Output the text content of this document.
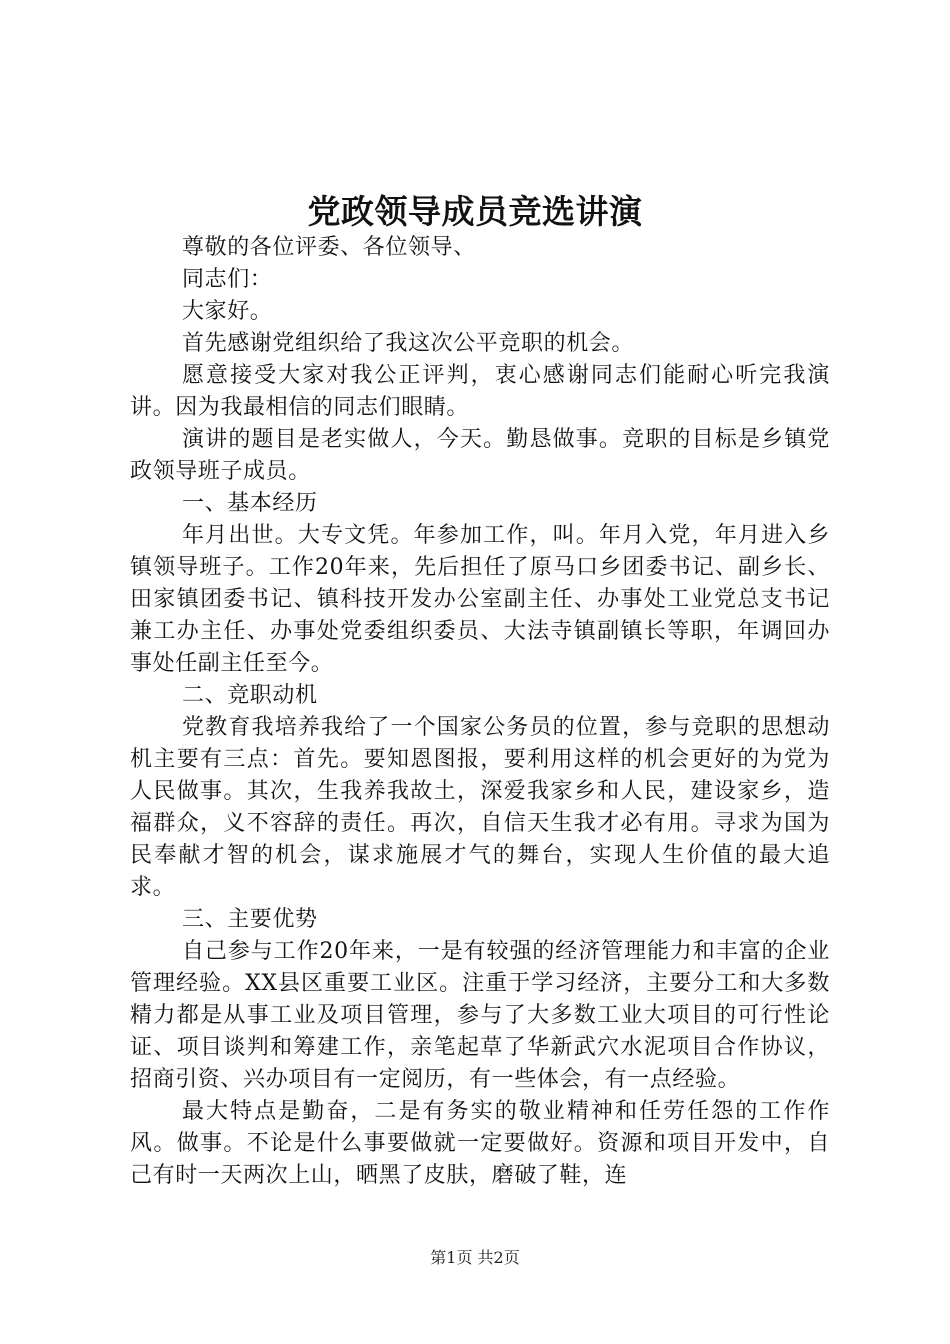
党政领导成员竞选讲演

尊敬的各位评委、各位领导、

同志们：

大家好。

首先感谢党组织给了我这次公平竞职的机会。

愿意接受大家对我公正评判，衷心感谢同志们能耐心听完我演讲。因为我最相信的同志们眼睛。

演讲的题目是老实做人，今天。勤恳做事。竞职的目标是乡镇党政领导班子成员。

一、基本经历

年月出世。大专文凭。年参加工作，叫。年月入党，年月进入乡镇领导班子。工作20年来，先后担任了原马口乡团委书记、副乡长、田家镇团委书记、镇科技开发办公室副主任、办事处工业党总支书记兼工办主任、办事处党委组织委员、大法寺镇副镇长等职，年调回办事处任副主任至今。

二、竞职动机

党教育我培养我给了一个国家公务员的位置，参与竞职的思想动机主要有三点：首先。要知恩图报，要利用这样的机会更好的为党为人民做事。其次，生我养我故土，深爱我家乡和人民，建设家乡，造福群众，义不容辞的责任。再次，自信天生我才必有用。寻求为国为民奉献才智的机会，谋求施展才气的舞台，实现人生价值的最大追求。

三、主要优势

自己参与工作20年来，一是有较强的经济管理能力和丰富的企业管理经验。XX县区重要工业区。注重于学习经济，主要分工和大多数精力都是从事工业及项目管理，参与了大多数工业大项目的可行性论证、项目谈判和筹建工作，亲笔起草了华新武穴水泥项目合作协议，招商引资、兴办项目有一定阅历，有一些体会，有一点经验。

最大特点是勤奋，二是有务实的敬业精神和任劳任怨的工作作风。做事。不论是什么事要做就一定要做好。资源和项目开发中，自己有时一天两次上山，晒黑了皮肤，磨破了鞋，连

第1页 共2页
